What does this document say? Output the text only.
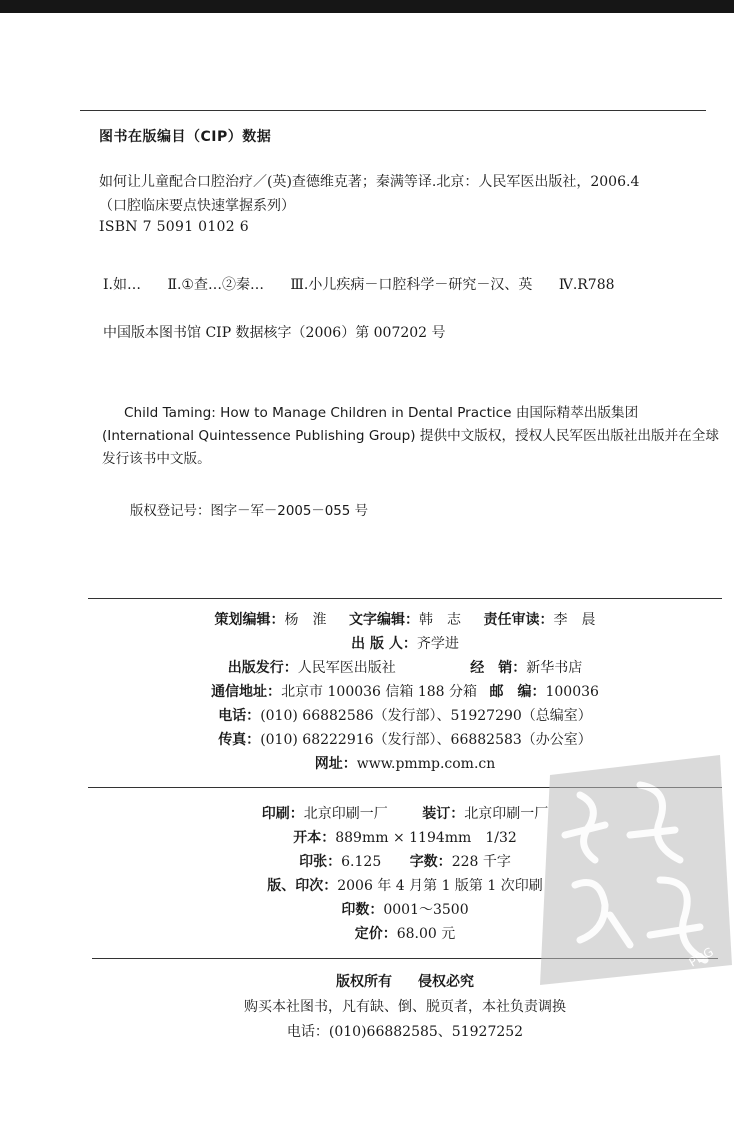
图书在版编目（CIP）数据
如何让儿童配合口腔治疗／(英)查德维克著；秦满等译.北京：人民军医出版社，2006.4
（口腔临床要点快速掌握系列）
ISBN 7 5091 0102 6
Ⅰ.如… Ⅱ.①查…②秦… Ⅲ.小儿疾病－口腔科学－研究－汉、英 Ⅳ.R788
中国版本图书馆 CIP 数据核字（2006）第 007202 号
Child Taming: How to Manage Children in Dental Practice 由国际精萃出版集团 (International Quintessence Publishing Group) 提供中文版权，授权人民军医出版社出版并在全球发行该书中文版。
版权登记号：图字－军－2005－055 号
策划编辑：杨　淮 文字编辑：韩　志 责任审读：李　晨
出 版 人：齐学进
出版发行：人民军医出版社	经　销：新华书店
通信地址：北京市 100036 信箱 188 分箱 邮　编：100036
电话：(010) 66882586（发行部）、51927290（总编室）
传真：(010) 68222916（发行部）、66882583（办公室）
网址：www.pmmp.com.cn
印刷：北京印刷一厂 装订：北京印刷一厂
开本：889mm × 1194mm　1/32
印张：6.125 字数：228 千字
版、印次：2006 年 4 月第 1 版第 1 次印刷
印数：0001～3500
定价：68.00 元
版权所有 侵权必究
购买本社图书，凡有缺、倒、脱页者，本社负责调换
电话：(010)66882585、51927252
PDG
